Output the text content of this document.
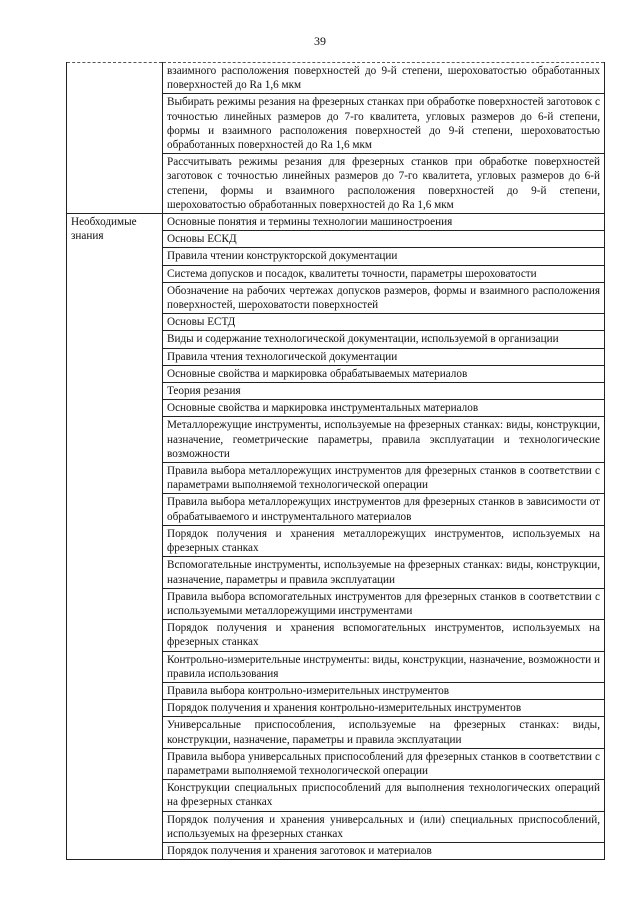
39
	взаимного расположения поверхностей до 9-й степени, шероховатостью обработанных поверхностей до Ra 1,6 мкм
	Выбирать режимы резания на фрезерных станках при обработке поверхностей заготовок с точностью линейных размеров до 7-го квалитета, угловых размеров до 6-й степени, формы и взаимного расположения поверхностей до 9-й степени, шероховатостью обработанных поверхностей до Ra 1,6 мкм
	Рассчитывать режимы резания для фрезерных станков при обработке поверхностей заготовок с точностью линейных размеров до 7-го квалитета, угловых размеров до 6-й степени, формы и взаимного расположения поверхностей до 9-й степени, шероховатостью обработанных поверхностей до Ra 1,6 мкм
Необходимые знания	Основные понятия и термины технологии машиностроения
	Основы ЕСКД
	Правила чтении конструкторской документации
	Система допусков и посадок, квалитеты точности, параметры шероховатости
	Обозначение на рабочих чертежах допусков размеров, формы и взаимного расположения поверхностей, шероховатости поверхностей
	Основы ЕСТД
	Виды и содержание технологической документации, используемой в организации
	Правила чтения технологической документации
	Основные свойства и маркировка обрабатываемых материалов
	Теория резания
	Основные свойства и маркировка инструментальных материалов
	Металлорежущие инструменты, используемые на фрезерных станках: виды, конструкции, назначение, геометрические параметры, правила эксплуатации и технологические возможности
	Правила выбора металлорежущих инструментов для фрезерных станков в соответствии с параметрами выполняемой технологической операции
	Правила выбора металлорежущих инструментов для фрезерных станков в зависимости от обрабатываемого и инструментального материалов
	Порядок получения и хранения металлорежущих инструментов, используемых на фрезерных станках
	Вспомогательные инструменты, используемые на фрезерных станках: виды, конструкции, назначение, параметры и правила эксплуатации
	Правила выбора вспомогательных инструментов для фрезерных станков в соответствии с используемыми металлорежущими инструментами
	Порядок получения и хранения вспомогательных инструментов, используемых на фрезерных станках
	Контрольно-измерительные инструменты: виды, конструкции, назначение, возможности и правила использования
	Правила выбора контрольно-измерительных инструментов
	Порядок получения и хранения контрольно-измерительных инструментов
	Универсальные приспособления, используемые на фрезерных станках: виды, конструкции, назначение, параметры и правила эксплуатации
	Правила выбора универсальных приспособлений для фрезерных станков в соответствии с параметрами выполняемой технологической операции
	Конструкции специальных приспособлений для выполнения технологических операций на фрезерных станках
	Порядок получения и хранения универсальных и (или) специальных приспособлений, используемых на фрезерных станках
	Порядок получения и хранения заготовок и материалов
